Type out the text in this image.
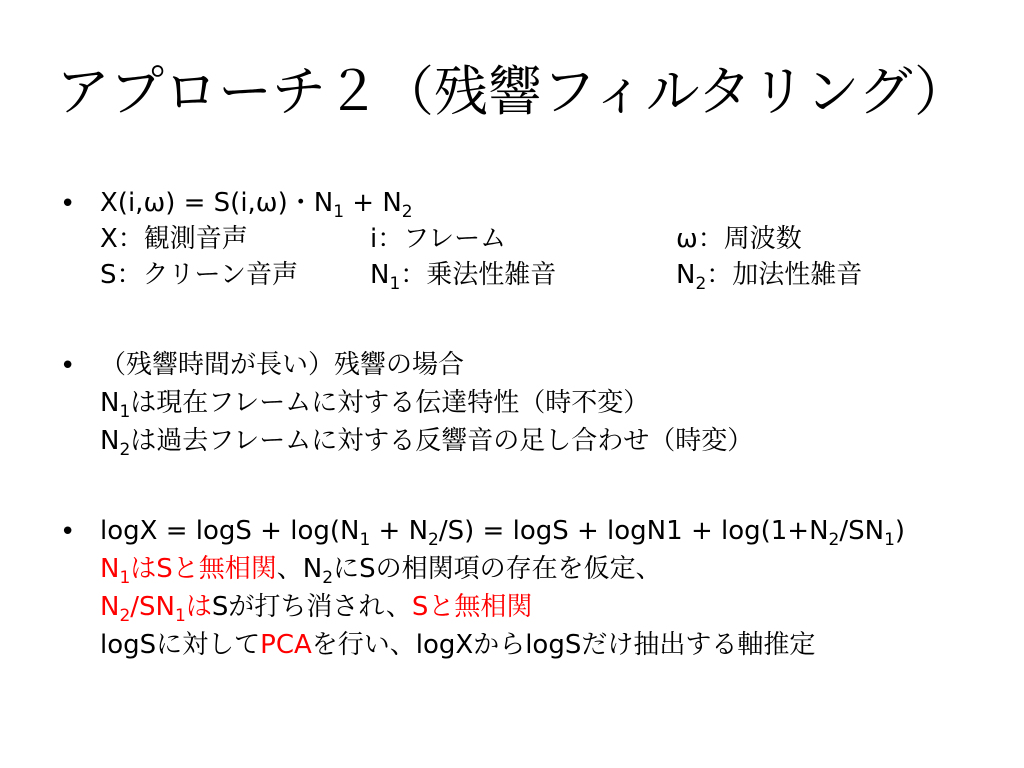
アプローチ２（残響フィルタリング）
• X(i,ω) = S(i,ω)・$N_1 + N_2$
X：観測音声	i：フレーム	ω：周波数
S：クリーン音声	$N_1$：乗法性雑音	$N_2$：加法性雑音
• （残響時間が長い）残響の場合
$N_1$は現在フレームに対する伝達特性（時不変）
$N_2$は過去フレームに対する反響音の足し合わせ（時変）
• $\log X = \log S + \log(N_1 + N_2/S) = \log S + \log N1 + \log(1+N_2/SN_1)$
$N_1$はSと無相関、$N_2$にSの相関項の存在を仮定、
$N_2/SN_1$はSが打ち消され、Sと無相関
logSに対してPCAを行い、logXからlogSだけ抽出する軸推定
